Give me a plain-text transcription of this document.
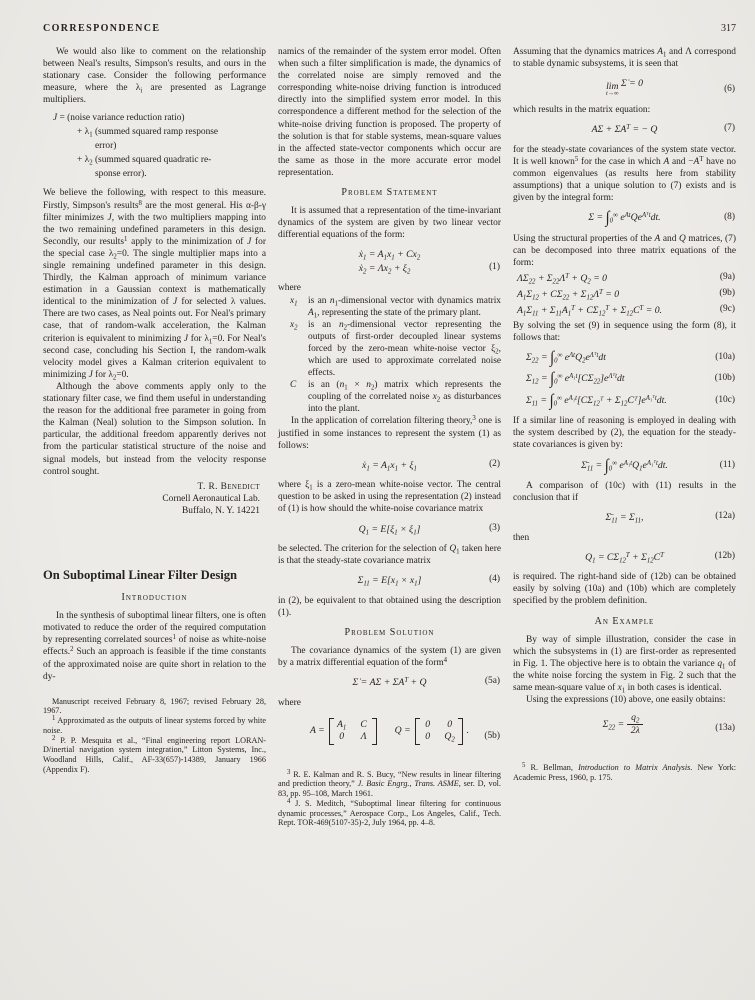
CORRESPONDENCE	317
We would also like to comment on the relationship between Neal's results, Simpson's results, and ours in the stationary case. Consider the following performance measure, where the $\lambda_i$ are presented as Lagrange multipliers.
J = (noise variance reduction ratio)
+ $\lambda_1$ (summed squared ramp response
error)
+ $\lambda_2$ (summed squared quadratic re-
sponse error).
We believe the following, with respect to this measure. Firstly, Simpson's results$^8$ are the most general. His α-β-γ filter minimizes J, with the two multipliers mapping into the two remaining undefined parameters in this design. Secondly, our results$^1$ apply to the minimization of J for the special case $\lambda_2=0$. The single multiplier maps into a single remaining undefined parameter in this design. Thirdly, the Kalman approach of minimum variance estimation in a Gaussian context is mathematically identical to the minimization of J for selected λ values. There are two cases, as Neal points out. For Neal's primary case, that of random-walk acceleration, the Kalman criterion is equivalent to minimizing J for $\lambda_1=0$. For Neal's second case, concluding his Section I, the random-walk velocity model gives a Kalman criterion equivalent to minimizing J for $\lambda_2=0$.
Although the above comments apply only to the stationary filter case, we find them useful in understanding the reason for the additional free parameter in going from the Kalman (Neal) solution to the Simpson solution. In particular, the additional freedom apparently derives not from the particular statistical structure of the noise and signal models, but instead from the velocity response control sought.
T. R. Benedict
Cornell Aeronautical Lab.
Buffalo, N. Y. 14221
On Suboptimal Linear Filter Design
Introduction
In the synthesis of suboptimal linear filters, one is often motivated to reduce the order of the required computation by representing correlated sources$^1$ of noise as white-noise effects.$^2$ Such an approach is feasible if the time constants of the approximated noise are quite short in relation to the dy-
Manuscript received February 8, 1967; revised February 28, 1967.
$^1$ Approximated as the outputs of linear systems forced by white noise.
$^2$ P. P. Mesquita et al., “Final engineering report LORAN-D/inertial navigation system integration,” Litton Systems, Inc., Woodland Hills, Calif., AF-33(657)-14389, January 1966 (Appendix F).
namics of the remainder of the system error model. Often when such a filter simplification is made, the dynamics of the correlated noise are simply removed and the corresponding white-noise driving function is introduced directly into the simplified system error model. In this correspondence a different method for the selection of the white-noise driving function is proposed. The property of the solution is that for stable systems, mean-square values in the affected state-vector components which occur are the same as those in the more accurate error model representation.
Problem Statement
It is assumed that a representation of the time-invariant dynamics of the system are given by two linear vector differential equations of the form:
ẋ$_1$ = $A_1x_1 + Cx_2$
ẋ$_2$ = $\Lambda x_2 + \xi_2$	(1)
where
$x_1$	is an $n_1$-dimensional vector with dynamics matrix $A_1$, representing the state of the primary plant.
$x_2$	is an $n_2$-dimensional vector representing the outputs of first-order decoupled linear systems forced by the zero-mean white-noise vector $\xi_2$, which are used to approximate correlated noise effects.
C	is an $(n_1 \times n_2)$ matrix which represents the coupling of the correlated noise $x_2$ as disturbances into the plant.
In the application of correlation filtering theory,$^3$ one is justified in some instances to represent the system (1) as follows:
ẋ$_1$ = $A_1x_1 + \xi_1$	(2)
where $\xi_1$ is a zero-mean white-noise vector. The central question to be asked in using the representation (2) instead of (1) is how should the white-noise covariance matrix
$Q_1 = E[\xi_1 \times \xi_1]$	(3)
be selected. The criterion for the selection of $Q_1$ taken here is that the steady-state covariance matrix
$\Sigma_{11} = E[x_1 \times x_1]$	(4)
in (2), be equivalent to that obtained using the description (1).
Problem Solution
The covariance dynamics of the system (1) are given by a matrix differential equation of the form$^4$
Σ̇ = $A\Sigma + \Sigma A^T + Q$	(5a)
where
A =
$A_1$ C
0	Λ
Q =
0	0
0	$Q_2$
. (5b)
$^3$ R. E. Kalman and R. S. Bucy, “New results in linear filtering and prediction theory,” J. Basic Engrg., Trans. ASME, ser. D, vol. 83, pp. 95–108, March 1961.
$^4$ J. S. Meditch, “Suboptimal linear filtering for continuous dynamic processes,” Aerospace Corp., Los Angeles, Calif., Tech. Rept. TOR-469(5107-35)-2, July 1964, pp. 4–8.
Assuming that the dynamics matrices $A_1$ and Λ correspond to stable dynamic subsystems, it is seen that
lim
t→∞
Σ̇ = 0	(6)
which results in the matrix equation:
$A\Sigma + \Sigma A^T$ = − Q	(7)
for the steady-state covariances of the system state vector. It is well known$^5$ for the case in which A and $-A^T$ have no common eigenvalues (as results here from stability assumptions) that a unique solution to (7) exists and is given by the integral form:
$\Sigma = \int_0^\infty$ $e^{At}Qe^{Aᵀt}dt$.	(8)
Using the structural properties of the A and Q matrices, (7) can be decomposed into three matrix equations of the form:
$\Lambda\Sigma_{22} + \Sigma_{22}\Lambda^T + Q_2 = 0$	(9a)
$A_1\Sigma_{12} + C\Sigma_{22} + \Sigma_{12}\Lambda^T = 0$	(9b)
$A_1\Sigma_{11} + \Sigma_{11}A_1^T + C\Sigma_{12}^T + \Sigma_{12}C^T = 0$.	(9c)
By solving the set (9) in sequence using the form (8), it follows that:
$\Sigma_{22} = \int_0^\infty$ $e^{\Lambda t}Q_2e^{\Lambda ᵀt}dt$	(10a)
$\Sigma_{12} = \int_0^\infty$ $e^{A_1t}[C\Sigma_{22}]e^{\Lambda ᵀt}dt$	(10b)
$\Sigma_{11} = \int_0^\infty$ $e^{A_1t}[C\Sigma_{12}ᵀ$ + $\Sigma_{12}Cᵀ]e^{A_1ᵀt}dt$.	(10c)
If a similar line of reasoning is employed in dealing with the system described by (2), the equation for the steady-state covariances is given by:
$\Sigmā_{11} = \int_0^\infty$ $e^{A_1t}Q_1e^{A_1ᵀt}dt$.	(11)
A comparison of (10c) with (11) results in the conclusion that if
$\Sigmā_{11} = \Sigma_{11}$,	(12a)
then
$Q_1 = C\Sigma_{12}^T + \Sigma_{12}C^T$	(12b)
is required. The right-hand side of (12b) can be obtained easily by solving (10a) and (10b) which are completely specified by the problem definition.
An Example
By way of simple illustration, consider the case in which the subsystems in (1) are first-order as represented in Fig. 1. The objective here is to obtain the variance $q_1$ of the white noise forcing the system in Fig. 2 such that the same mean-square value of $x_1$ in both cases is identical.
Using the expressions (10) above, one easily obtains:
$\Sigma_{22} = \frac{q_2}{2\lambda}$	(13a)
$^5$ R. Bellman, Introduction to Matrix Analysis. New York: Academic Press, 1960, p. 175.
